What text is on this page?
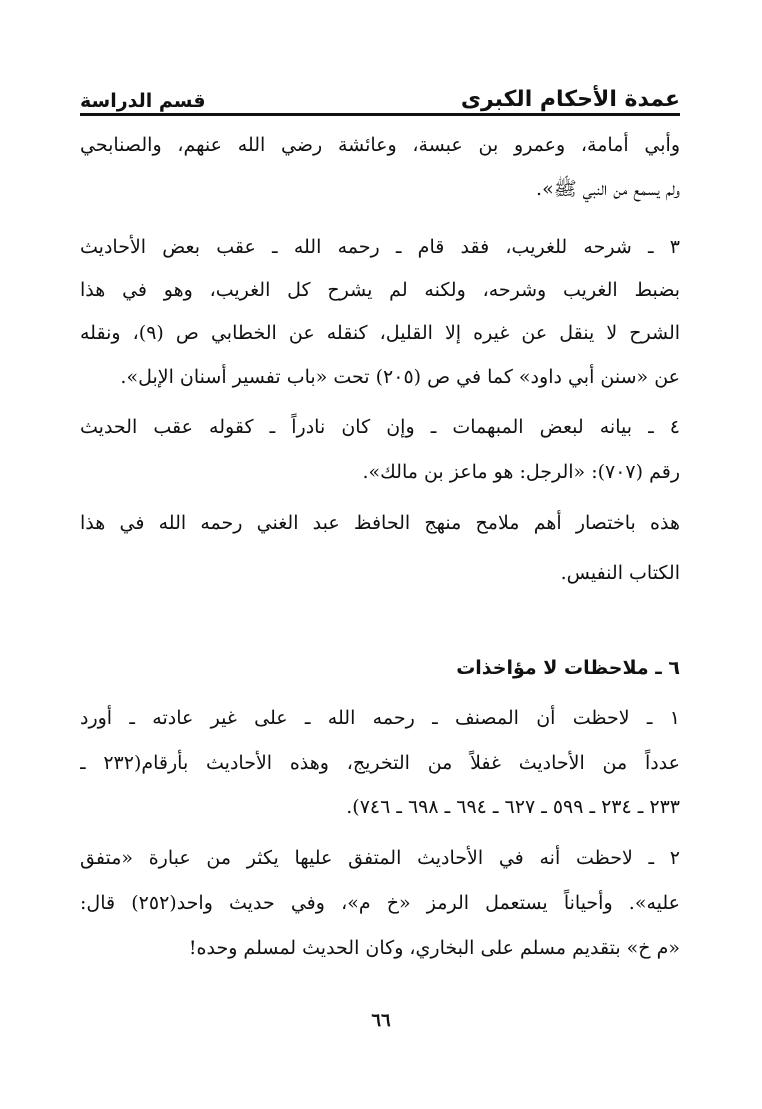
عمدة الأحكام الكبرى
قسم الدراسة
وأبي أمامة، وعمرو بن عبسة، وعائشة رضي الله عنهم، والصنابحي
ولم يسمع من النبي ﷺ».
٣ ـ شرحه للغريب، فقد قام ـ رحمه الله ـ عقب بعض الأحاديث
بضبط الغريب وشرحه، ولكنه لم يشرح كل الغريب، وهو في هذا
الشرح لا ينقل عن غيره إلا القليل، كنقله عن الخطابي ص (٩)، ونقله
عن «سنن أبي داود» كما في ص (٢٠٥) تحت «باب تفسير أسنان الإبل».
٤ ـ بيانه لبعض المبهمات ـ وإن كان نادراً ـ كقوله عقب الحديث
رقم (٧٠٧): «الرجل: هو ماعز بن مالك».
هذه باختصار أهم ملامح منهج الحافظ عبد الغني رحمه الله في هذا
الكتاب النفيس.
٦ ـ ملاحظات لا مؤاخذات
١ ـ لاحظت أن المصنف ـ رحمه الله ـ على غير عادته ـ أورد
عدداً من الأحاديث غفلاً من التخريج، وهذه الأحاديث بأرقام(٢٣٢ ـ
٢٣٣ ـ ٢٣٤ ـ ٥٩٩ ـ ٦٢٧ ـ ٦٩٤ ـ ٦٩٨ ـ ٧٤٦).
٢ ـ لاحظت أنه في الأحاديث المتفق عليها يكثر من عبارة «متفق
عليه». وأحياناً يستعمل الرمز «خ م»، وفي حديث واحد(٢٥٢) قال:
«م خ» بتقديم مسلم على البخاري، وكان الحديث لمسلم وحده!
٦٦
